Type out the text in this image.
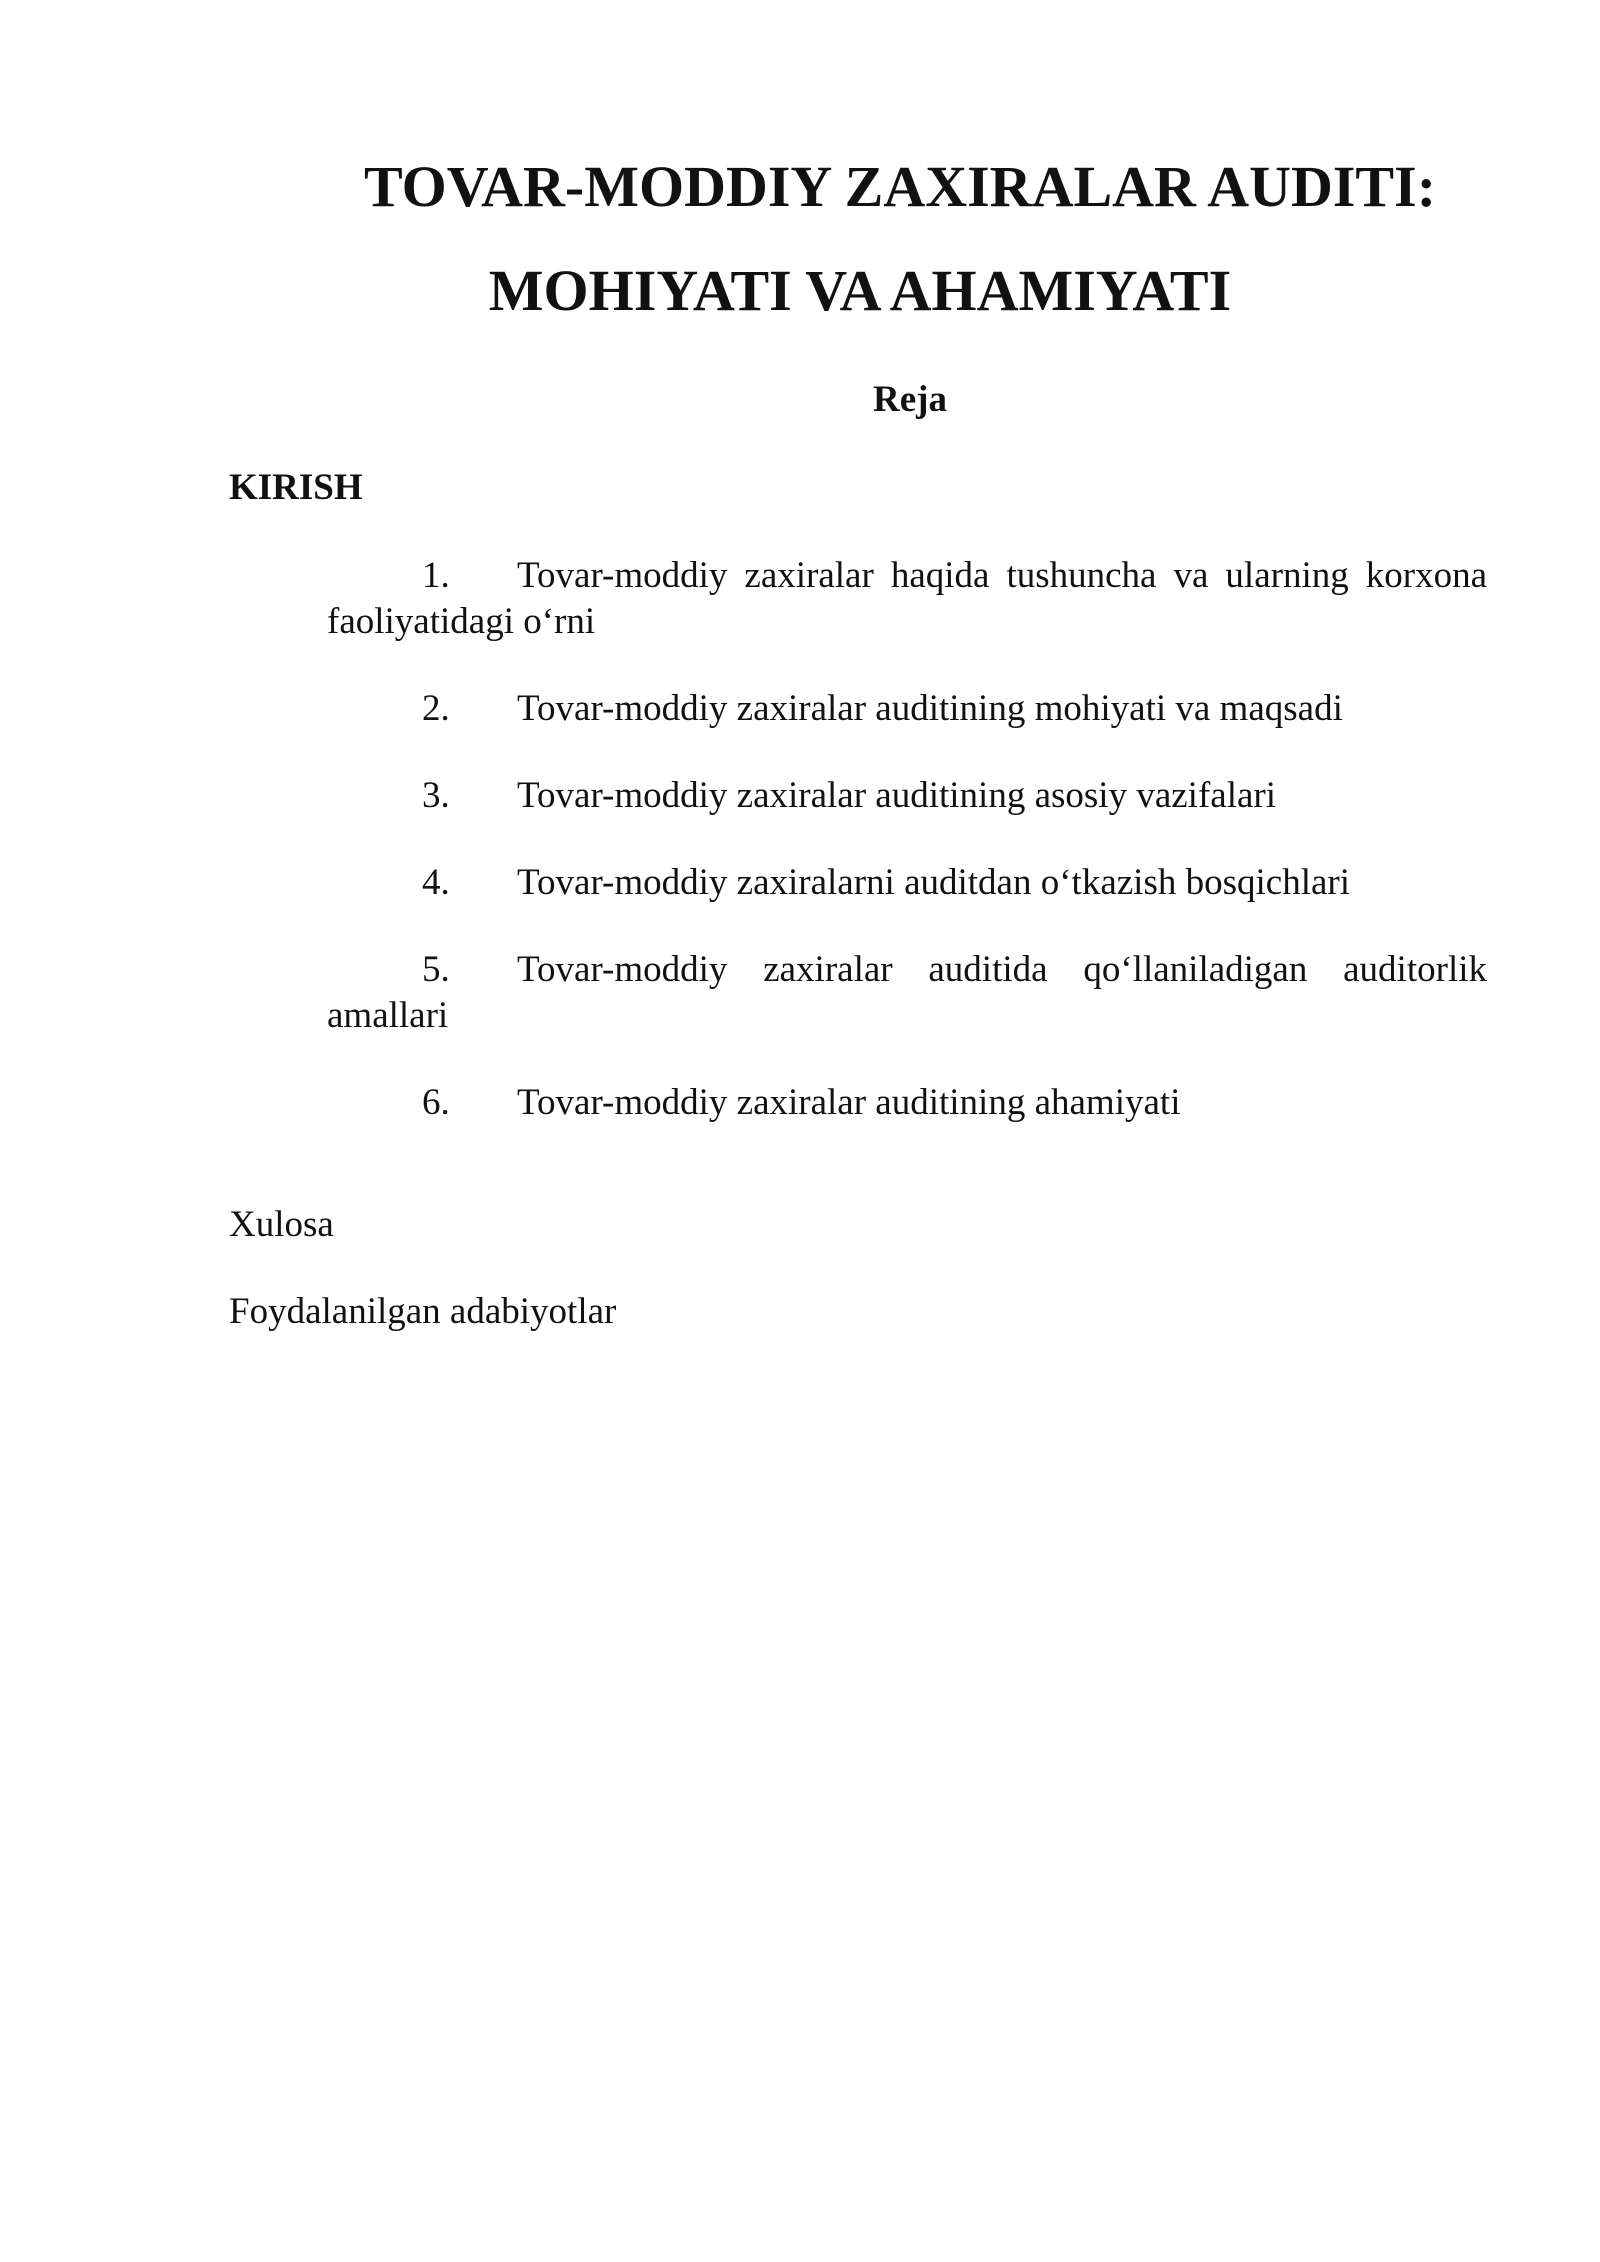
TOVAR-MODDIY ZAXIRALAR AUDITI:
MOHIYATI VA AHAMIYATI
Reja
KIRISH
1.	Tovar-moddiy zaxiralar haqida tushuncha va ularning korxona
faoliyatidagi o‘rni
2. Tovar-moddiy zaxiralar auditining mohiyati va maqsadi
3. Tovar-moddiy zaxiralar auditining asosiy vazifalari
4. Tovar-moddiy zaxiralarni auditdan o‘tkazish bosqichlari
5.	Tovar-moddiy zaxiralar auditida qo‘llaniladigan auditorlik
amallari
6. Tovar-moddiy zaxiralar auditining ahamiyati
Xulosa
Foydalanilgan adabiyotlar
